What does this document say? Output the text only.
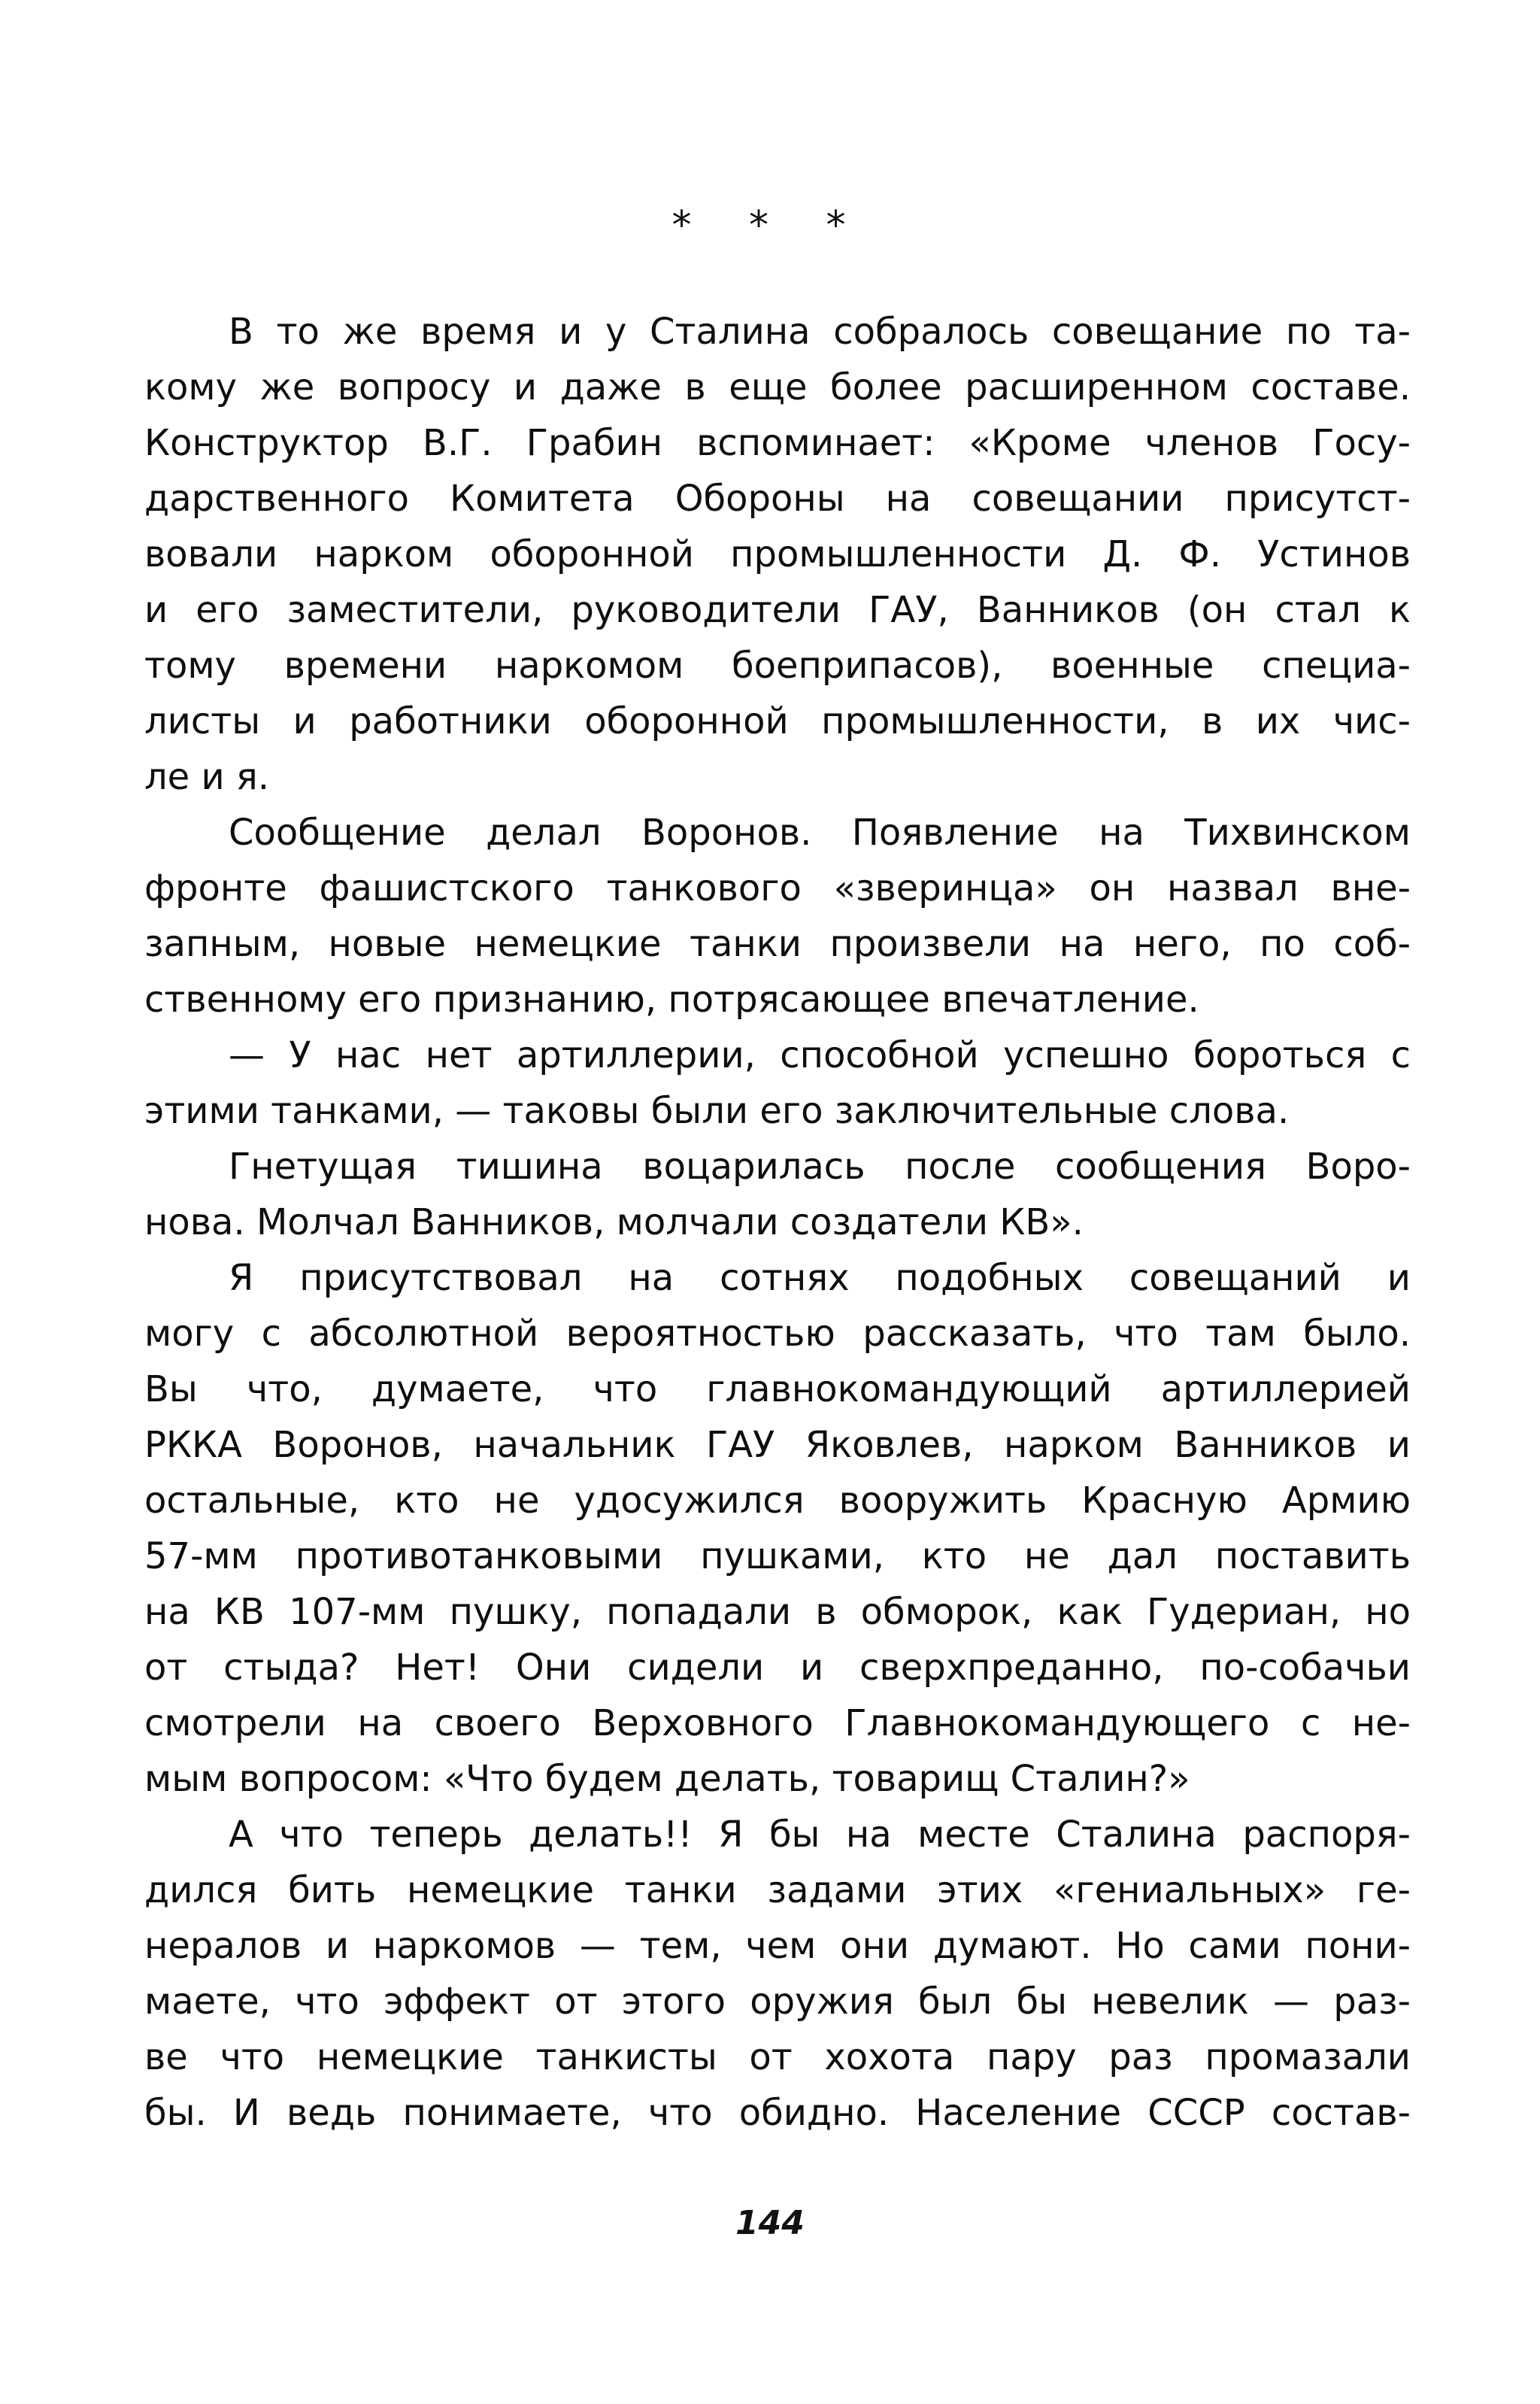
* * *
В то же время и у Сталина собралось совещание по та-
кому же вопросу и даже в еще более расширенном составе.
Конструктор В.Г. Грабин вспоминает: «Кроме членов Госу-
дарственного Комитета Обороны на совещании присутст-
вовали нарком оборонной промышленности Д. Ф. Устинов
и его заместители, руководители ГАУ, Ванников (он стал к
тому времени наркомом боеприпасов), военные специа-
листы и работники оборонной промышленности, в их чис-
ле и я.
Сообщение делал Воронов. Появление на Тихвинском
фронте фашистского танкового «зверинца» он назвал вне-
запным, новые немецкие танки произвели на него, по соб-
ственному его признанию, потрясающее впечатление.
— У нас нет артиллерии, способной успешно бороться с
этими танками, — таковы были его заключительные слова.
Гнетущая тишина воцарилась после сообщения Воро-
нова. Молчал Ванников, молчали создатели КВ».
Я присутствовал на сотнях подобных совещаний и
могу с абсолютной вероятностью рассказать, что там было.
Вы что, думаете, что главнокомандующий артиллерией
РККА Воронов, начальник ГАУ Яковлев, нарком Ванников и
остальные, кто не удосужился вооружить Красную Армию
57-мм противотанковыми пушками, кто не дал поставить
на КВ 107-мм пушку, попадали в обморок, как Гудериан, но
от стыда? Нет! Они сидели и сверхпреданно, по-собачьи
смотрели на своего Верховного Главнокомандующего с не-
мым вопросом: «Что будем делать, товарищ Сталин?»
А что теперь делать!! Я бы на месте Сталина распоря-
дился бить немецкие танки задами этих «гениальных» ге-
нералов и наркомов — тем, чем они думают. Но сами пони-
маете, что эффект от этого оружия был бы невелик — раз-
ве что немецкие танкисты от хохота пару раз промазали
бы. И ведь понимаете, что обидно. Население СССР состав-
144
